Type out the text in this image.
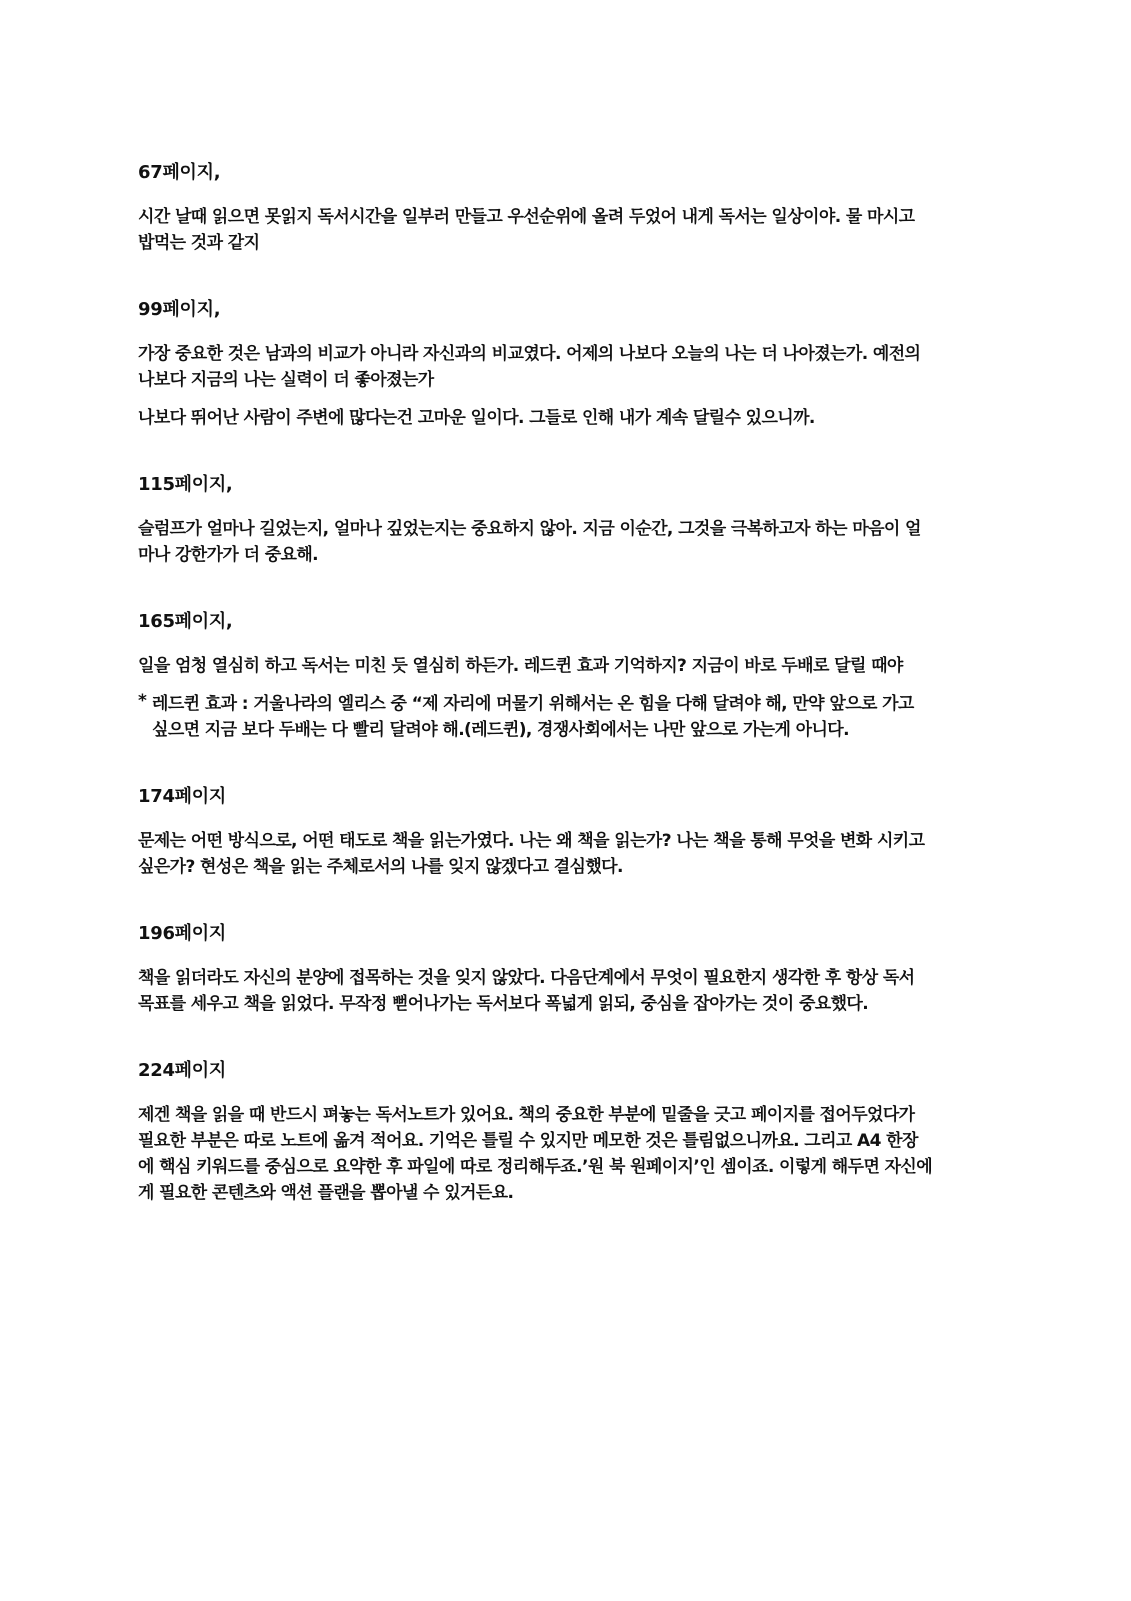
67페이지,

시간 날때 읽으면 못읽지 독서시간을 일부러 만들고 우선순위에 올려 두었어 내게 독서는 일상이야. 물 마시고
밥먹는 것과 같지

99페이지,

가장 중요한 것은 남과의 비교가 아니라 자신과의 비교였다. 어제의 나보다 오늘의 나는 더 나아졌는가. 예전의
나보다 지금의 나는 실력이 더 좋아졌는가

나보다 뛰어난 사람이 주변에 많다는건 고마운 일이다. 그들로 인해 내가 계속 달릴수 있으니까.

115페이지,

슬럼프가 얼마나 길었는지, 얼마나 깊었는지는 중요하지 않아. 지금 이순간, 그것을 극복하고자 하는 마음이 얼
마나 강한가가 더 중요해.

165페이지,

일을 엄청 열심히 하고 독서는 미친 듯 열심히 하든가. 레드퀸 효과 기억하지? 지금이 바로 두배로 달릴 때야

* 레드퀸 효과 : 거울나라의 엘리스 중 “제 자리에 머물기 위해서는 온 힘을 다해 달려야 해, 만약 앞으로 가고
싶으면 지금 보다 두배는 다 빨리 달려야 해.(레드퀸), 경쟁사회에서는 나만 앞으로 가는게 아니다.
174페이지

문제는 어떤 방식으로, 어떤 태도로 책을 읽는가였다. 나는 왜 책을 읽는가? 나는 책을 통해 무엇을 변화 시키고
싶은가? 현성은 책을 읽는 주체로서의 나를 잊지 않겠다고 결심했다.

196페이지

책을 읽더라도 자신의 분양에 접목하는 것을 잊지 않았다. 다음단계에서 무엇이 필요한지 생각한 후 항상 독서
목표를 세우고 책을 읽었다. 무작정 뻗어나가는 독서보다 폭넓게 읽되, 중심을 잡아가는 것이 중요했다.

224페이지

제겐 책을 읽을 때 반드시 펴놓는 독서노트가 있어요. 책의 중요한 부분에 밑줄을 긋고 페이지를 접어두었다가
필요한 부분은 따로 노트에 옮겨 적어요. 기억은 틀릴 수 있지만 메모한 것은 틀림없으니까요. 그리고 A4 한장
에 핵심 키워드를 중심으로 요약한 후 파일에 따로 정리해두죠.’원 북 원페이지’인 셈이죠. 이렇게 해두면 자신에
게 필요한 콘텐츠와 액션 플랜을 뽑아낼 수 있거든요.
